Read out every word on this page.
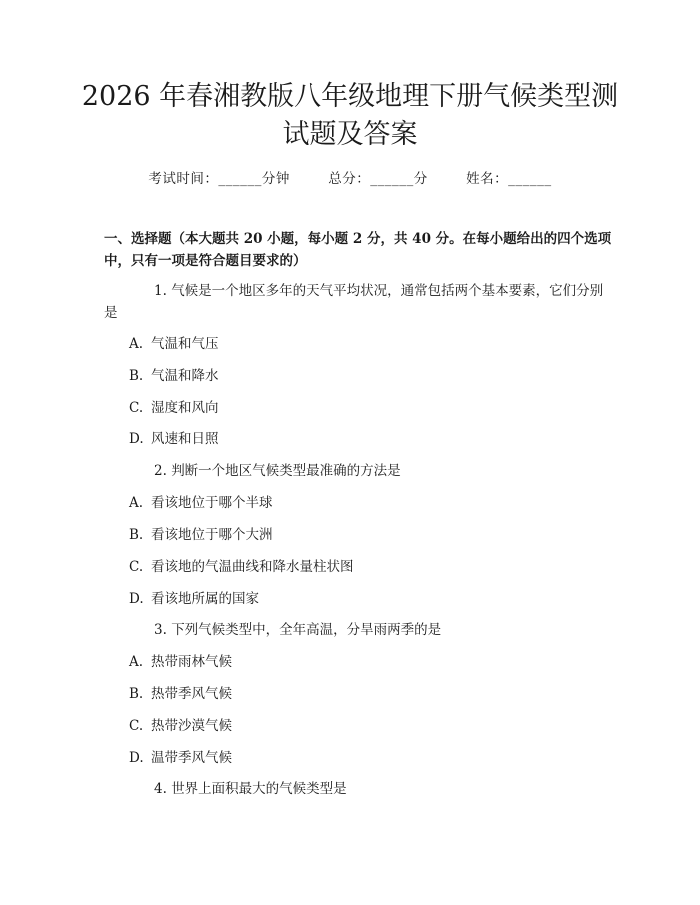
2026 年春湘教版八年级地理下册气候类型测
试题及答案
考试时间：______分钟	总分：______分	姓名：______
一、选择题（本大题共 20 小题，每小题 2 分，共 40 分。在每小题给出的四个选项中，只有一项是符合题目要求的）
1. 气候是一个地区多年的天气平均状况，通常包括两个基本要素，它们分别是
A. 气温和气压
B. 气温和降水
C. 湿度和风向
D. 风速和日照
2. 判断一个地区气候类型最准确的方法是
A. 看该地位于哪个半球
B. 看该地位于哪个大洲
C. 看该地的气温曲线和降水量柱状图
D. 看该地所属的国家
3. 下列气候类型中，全年高温，分旱雨两季的是
A. 热带雨林气候
B. 热带季风气候
C. 热带沙漠气候
D. 温带季风气候
4. 世界上面积最大的气候类型是
